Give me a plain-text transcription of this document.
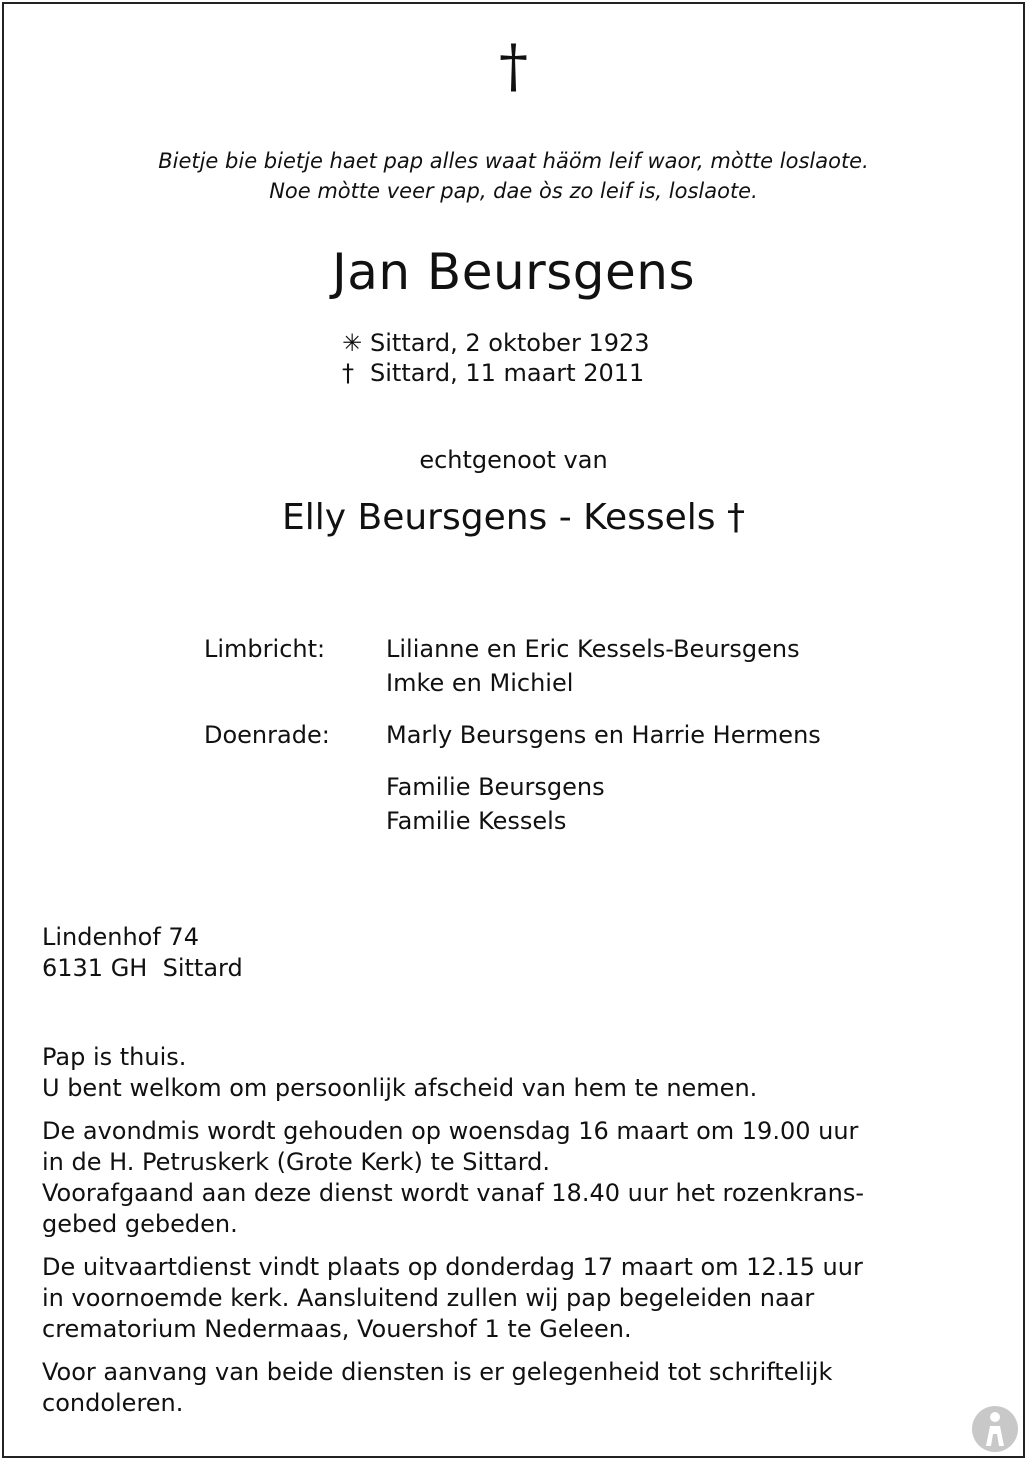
†
Bietje bie bietje haet pap alles waat häöm leif waor, mòtte loslaote.
Noe mòtte veer pap, dae òs zo leif is, loslaote.
Jan Beursgens
✳ Sittard, 2 oktober 1923
† Sittard, 11 maart 2011
echtgenoot van
Elly Beursgens - Kessels †
Limbricht:	Lilianne en Eric Kessels-Beursgens
Imke en Michiel
Doenrade:	Marly Beursgens en Harrie Hermens
Familie Beursgens
Familie Kessels
Lindenhof 74
6131 GH  Sittard
Pap is thuis.
U bent welkom om persoonlijk afscheid van hem te nemen.
De avondmis wordt gehouden op woensdag 16 maart om 19.00 uur
in de H. Petruskerk (Grote Kerk) te Sittard.
Voorafgaand aan deze dienst wordt vanaf 18.40 uur het rozenkrans-
gebed gebeden.
De uitvaartdienst vindt plaats op donderdag 17 maart om 12.15 uur
in voornoemde kerk. Aansluitend zullen wij pap begeleiden naar
crematorium Nedermaas, Vouershof 1 te Geleen.
Voor aanvang van beide diensten is er gelegenheid tot schriftelijk
condoleren.
